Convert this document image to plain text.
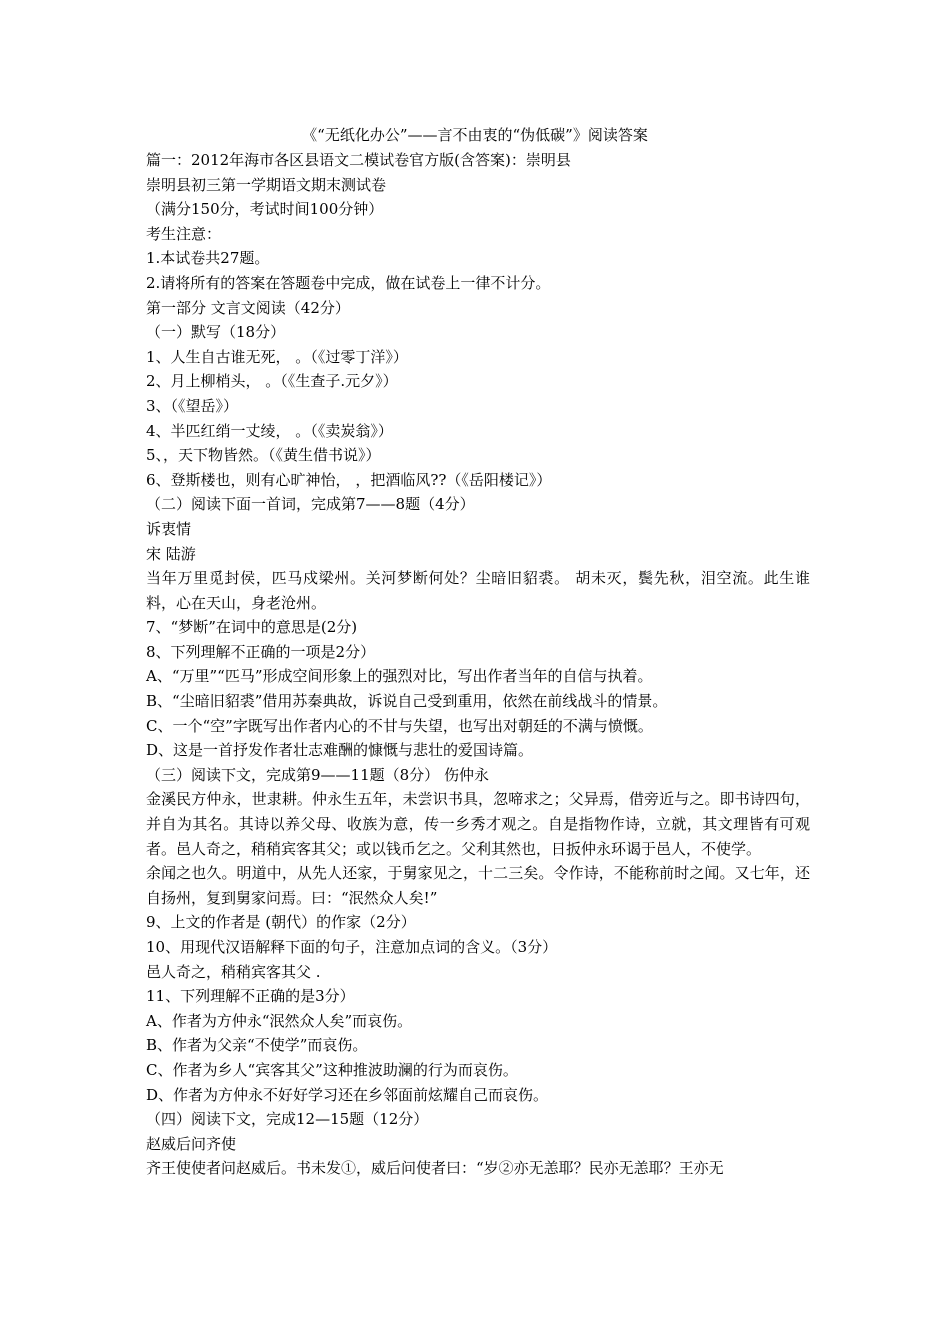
《“无纸化办公”——言不由衷的“伪低碳”》阅读答案
篇一：2012年海市各区县语文二模试卷官方版(含答案)：崇明县
崇明县初三第一学期语文期末测试卷
（满分150分，考试时间100分钟）
考生注意：
1.本试卷共27题。
2.请将所有的答案在答题卷中完成，做在试卷上一律不计分。
第一部分 文言文阅读（42分）
（一）默写（18分）
1、人生自古谁无死， 。（《过零丁洋》）
2、月上柳梢头， 。（《生查子.元夕》）
3、（《望岳》）
4、半匹红绡一丈绫， 。（《卖炭翁》）
5、，天下物皆然。（《黄生借书说》）
6、登斯楼也，则有心旷神怡， ，把酒临风??（《岳阳楼记》）
（二）阅读下面一首词，完成第7——8题（4分）
诉衷情
宋 陆游
当年万里觅封侯，匹马戍梁州。关河梦断何处？尘暗旧貂裘。 胡未灭，鬓先秋，泪空流。此生谁料，心在天山，身老沧州。
7、“梦断”在词中的意思是(2分)
8、下列理解不正确的一项是2分）
A、“万里”“匹马”形成空间形象上的强烈对比，写出作者当年的自信与执着。
B、“尘暗旧貂裘”借用苏秦典故，诉说自己受到重用，依然在前线战斗的情景。
C、一个“空”字既写出作者内心的不甘与失望，也写出对朝廷的不满与愤慨。
D、这是一首抒发作者壮志难酬的慷慨与悲壮的爱国诗篇。
（三）阅读下文，完成第9——11题（8分） 伤仲永
金溪民方仲永，世隶耕。仲永生五年，未尝识书具，忽啼求之；父异焉，借旁近与之。即书诗四句，并自为其名。其诗以养父母、收族为意，传一乡秀才观之。自是指物作诗，立就，其文理皆有可观者。邑人奇之，稍稍宾客其父；或以钱币乞之。父利其然也，日扳仲永环谒于邑人，不使学。
余闻之也久。明道中，从先人还家，于舅家见之，十二三矣。令作诗，不能称前时之闻。又七年，还自扬州，复到舅家问焉。曰：“泯然众人矣!”
9、上文的作者是 (朝代）的作家（2分）
10、用现代汉语解释下面的句子，注意加点词的含义。（3分）
邑人奇之，稍稍宾客其父 .
11、下列理解不正确的是3分）
A、作者为方仲永“泯然众人矣”而哀伤。
B、作者为父亲“不使学”而哀伤。
C、作者为乡人“宾客其父”这种推波助澜的行为而哀伤。
D、作者为方仲永不好好学习还在乡邻面前炫耀自己而哀伤。
（四）阅读下文，完成12—15题（12分）
赵威后问齐使
齐王使使者问赵威后。书未发①，威后问使者曰：“岁②亦无恙耶？民亦无恙耶？王亦无
